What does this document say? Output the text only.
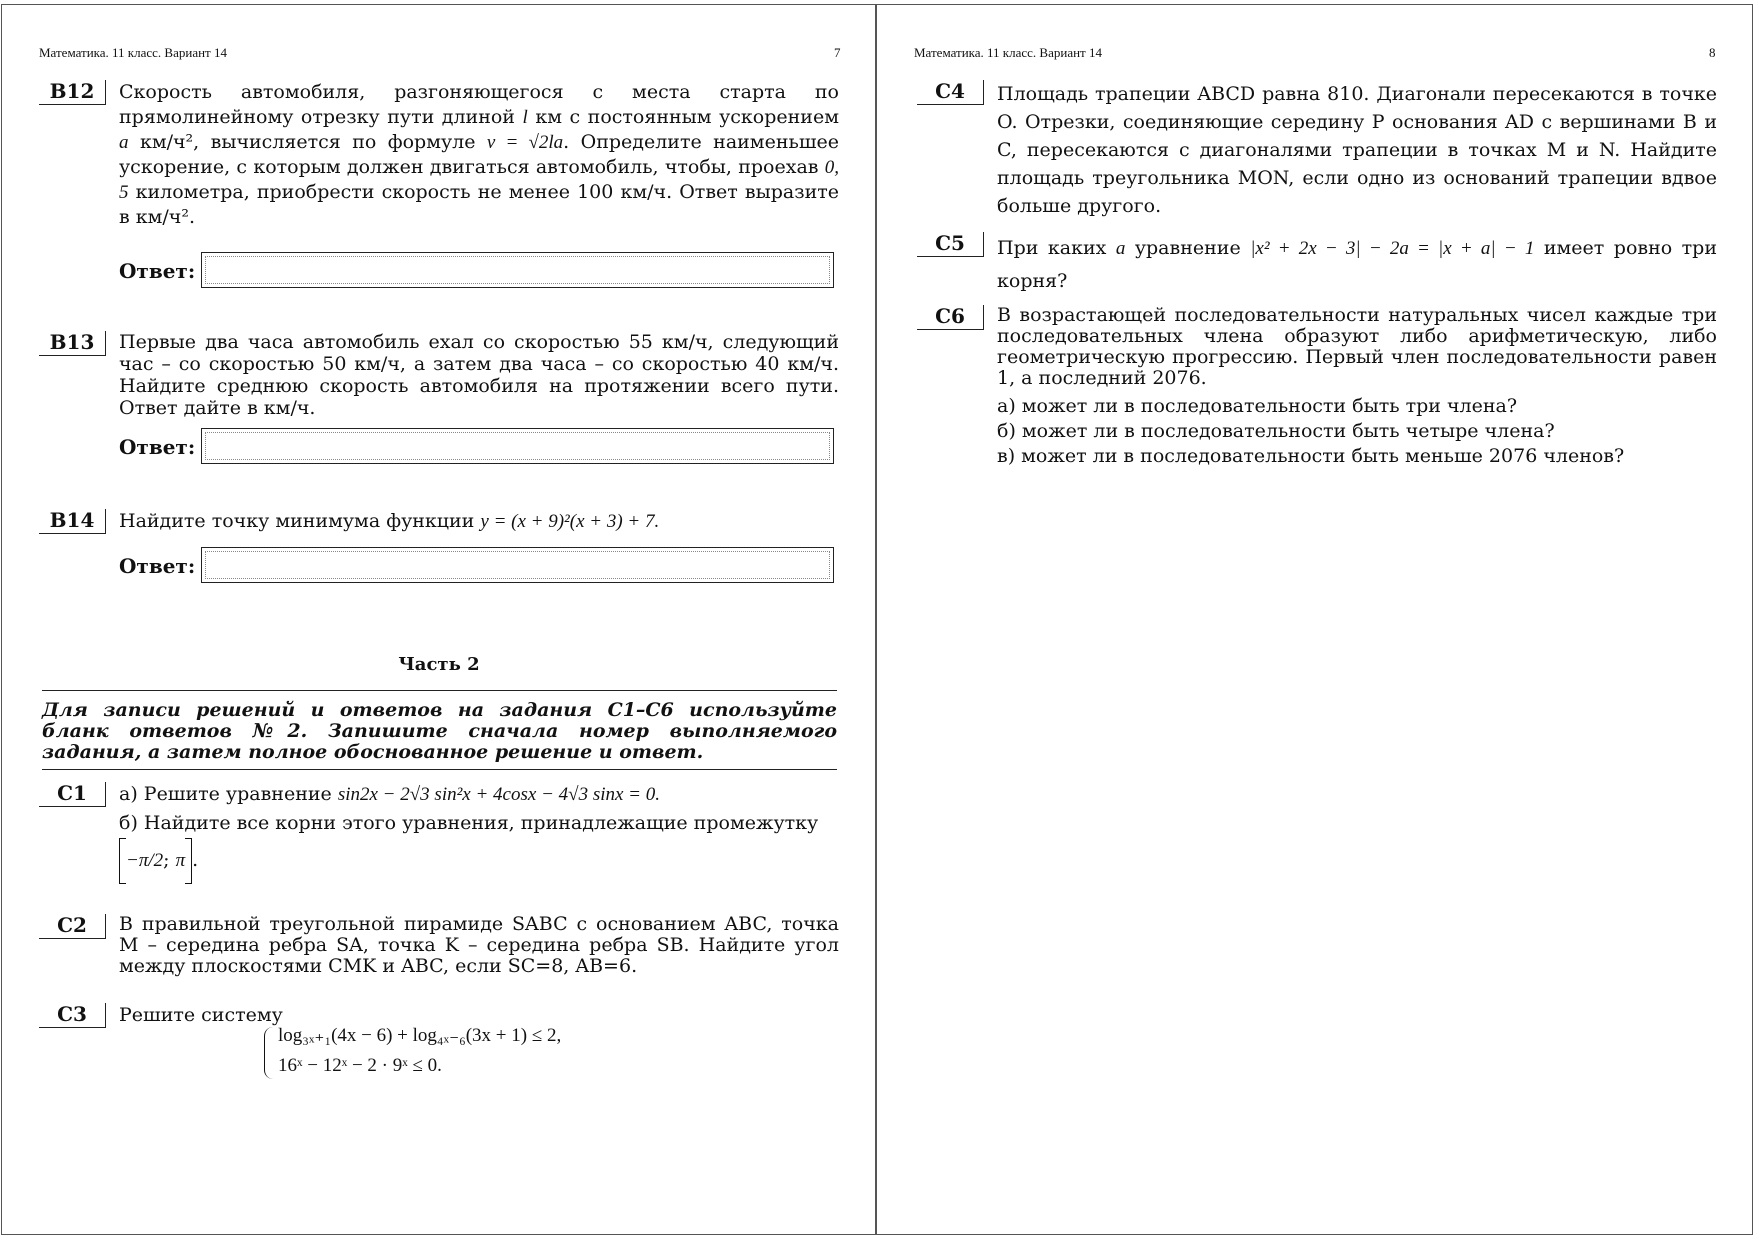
Математика. 11 класс. Вариант 14	7
B12	Скорость автомобиля, разгоняющегося с места старта по прямолинейному отрезку пути длиной l км с постоянным ускорением a км/ч², вычисляется по формуле v = √2la. Определите наименьшее ускорение, с которым должен двигаться автомобиль, чтобы, проехав 0, 5 километра, приобрести скорость не менее 100 км/ч. Ответ выразите в км/ч².

Ответ:
B13	Первые два часа автомобиль ехал со скоростью 55 км/ч, следующий час – со скоростью 50 км/ч, а затем два часа – со скоростью 40 км/ч. Найдите среднюю скорость автомобиля на протяжении всего пути. Ответ дайте в км/ч.
Ответ:
B14	Найдите точку минимума функции y = (x + 9)²(x + 3) + 7.
Ответ:
Часть 2
Для записи решений и ответов на задания С1–С6 используйте бланк ответов №2. Запишите сначала номер выполняемого задания, а затем полное обоснованное решение и ответ.
C1	а) Решите уравнение sin2x − 2√3 sin²x + 4cosx − 4√3 sinx = 0.

б) Найдите все корни этого уравнения, принадлежащие промежутку

−π/2; π .

C2	В правильной треугольной пирамиде SABC с основанием ABC, точка M – середина ребра SA, точка K – середина ребра SB. Найдите угол между плоскостями CMK и ABC, если SC=8, AB=6.
C3	Решите систему
log₃ₓ₊₁(4x − 6) + log₄ₓ₋₆(3x + 1) ≤ 2,
16ˣ − 12ˣ − 2 · 9ˣ ≤ 0.
Математика. 11 класс. Вариант 14	8
C4	Площадь трапеции ABCD равна 810. Диагонали пересекаются в точке O. Отрезки, соединяющие середину P основания AD с вершинами B и C, пересекаются с диагоналями трапеции в точках M и N. Найдите площадь треугольника MON, если одно из оснований трапеции вдвое больше другого.
C5	При каких a уравнение |x² + 2x − 3| − 2a = |x + a| − 1 имеет ровно три корня?
C6	В возрастающей последовательности натуральных чисел каждые три последовательных члена образуют либо арифметическую, либо геометрическую прогрессию. Первый член последовательности равен 1, а последний 2076.

а) может ли в последовательности быть три члена?

б) может ли в последовательности быть четыре члена?

в) может ли в последовательности быть меньше 2076 членов?
